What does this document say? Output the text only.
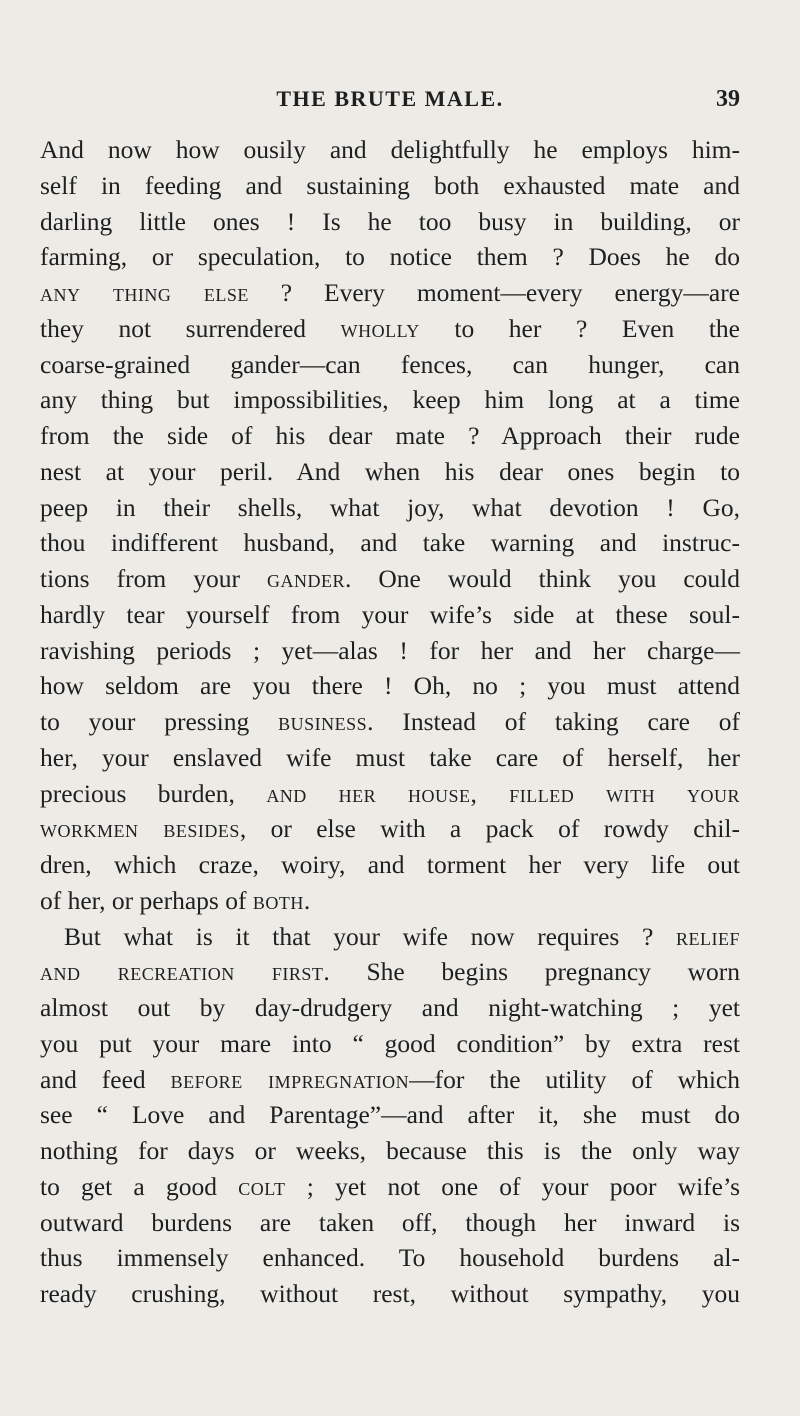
THE BRUTE MALE.	39
And now how ousily and delightfully he employs him-
self in feeding and sustaining both exhausted mate and
darling little ones ! Is he too busy in building, or
farming, or speculation, to notice them ? Does he do
any thing else ? Every moment—every energy—are
they not surrendered wholly to her ? Even the
coarse-grained gander—can fences, can hunger, can
any thing but impossibilities, keep him long at a time
from the side of his dear mate ? Approach their rude
nest at your peril. And when his dear ones begin to
peep in their shells, what joy, what devotion ! Go,
thou indifferent husband, and take warning and instruc-
tions from your gander. One would think you could
hardly tear yourself from your wife’s side at these soul-
ravishing periods ; yet—alas ! for her and her charge—
how seldom are you there ! Oh, no ; you must attend
to your pressing business. Instead of taking care of
her, your enslaved wife must take care of herself, her
precious burden, and her house, filled with your
workmen besides, or else with a pack of rowdy chil-
dren, which craze, woiry, and torment her very life out
of her, or perhaps of both.
But what is it that your wife now requires ? relief
and recreation first. She begins pregnancy worn
almost out by day-drudgery and night-watching ; yet
you put your mare into “ good condition” by extra rest
and feed before impregnation—for the utility of which
see “ Love and Parentage”—and after it, she must do
nothing for days or weeks, because this is the only way
to get a good colt ; yet not one of your poor wife’s
outward burdens are taken off, though her inward is
thus immensely enhanced. To household burdens al-
ready crushing, without rest, without sympathy, you
